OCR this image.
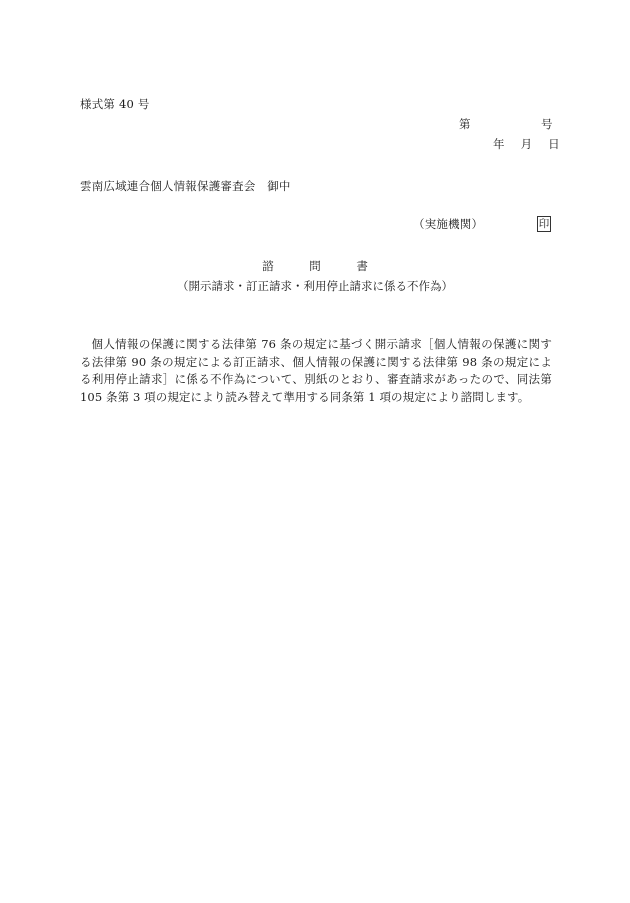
様式第 40 号
第	号
年 月 日
雲南広域連合個人情報保護審査会　御中
（実施機関）	印
諮	問	書
（開示請求・訂正請求・利用停止請求に係る不作為）
個人情報の保護に関する法律第 76 条の規定に基づく開示請求［個人情報の保護に関する法律第 90 条の規定による訂正請求、個人情報の保護に関する法律第 98 条の規定による利用停止請求］に係る不作為について、別紙のとおり、審査請求があったので、同法第 105 条第 3 項の規定により読み替えて準用する同条第 1 項の規定により諮問します。
